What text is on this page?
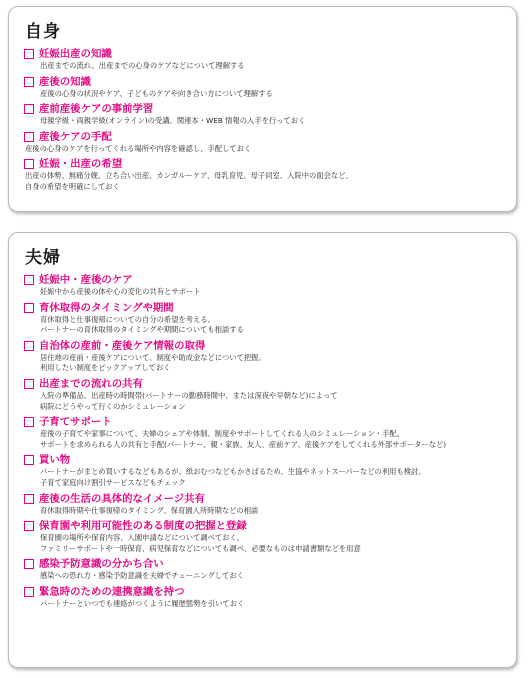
自身
妊娠出産の知識
出産までの流れ、出産までの心身のケアなどについて理解する
産後の知識
産後の心身の状況やケア、子どものケアや向き合い方について理解する
産前産後ケアの事前学習
母親学級・両親学級(オンライン)の受講、関連本・WEB 情報の入手を行っておく
産後ケアの手配
産後の心身のケアを行ってくれる場所や内容を確認し、手配しておく
妊娠・出産の希望
出産の体勢、無痛分娩、立ち合い出産、カンガルーケア、母乳育児、母子同室、入院中の面会など、
自身の希望を明確にしておく
夫婦
妊娠中・産後のケア
妊娠中から産後の体や心の変化の共有とサポート
育休取得のタイミングや期間
育休取得と仕事復帰についての自分の希望を考える。
パートナーの育休取得のタイミングや期間についても相談する
自治体の産前・産後ケア情報の取得
居住地の産前・産後ケアについて、制度や助成金などについて把握。
利用したい制度をピックアップしておく
出産までの流れの共有
入院の準備品、出産時の時間帯(パートナーの勤務時間中、または深夜や早朝など)によって
病院にどうやって行くのかシミュレーション
子育てサポート
産後の子育てや家事について、夫婦のシェアや体制、制度やサポートしてくれる人のシミュレーション・手配。
サポートを求められる人の共有と手配(パートナー、親・家族、友人、産前ケア、産後ケアをしてくれる外部サポーターなど)
買い物
パートナーがまとめ買いするなどもあるが、紙おむつなどもかさばるため、生協やネットスーパーなどの利用も検討。
子育て家庭向け割引サービスなどもチェック
産後の生活の具体的なイメージ共有
育休取得時期や仕事復帰のタイミング、保育園入所時期などの相談
保育園や利用可能性のある制度の把握と登録
保育園の場所や保育内容、入園申請などについて調べておく。
ファミリーサポートや一時保育、病児保育などについても調べ、必要なものは申請書類などを用意
感染予防意識の分かち合い
感染への恐れ方・感染予防意識を夫婦でチューニングしておく
緊急時のための連携意識を持つ
パートナーといつでも連絡がつくように履歴態勢を引いておく
